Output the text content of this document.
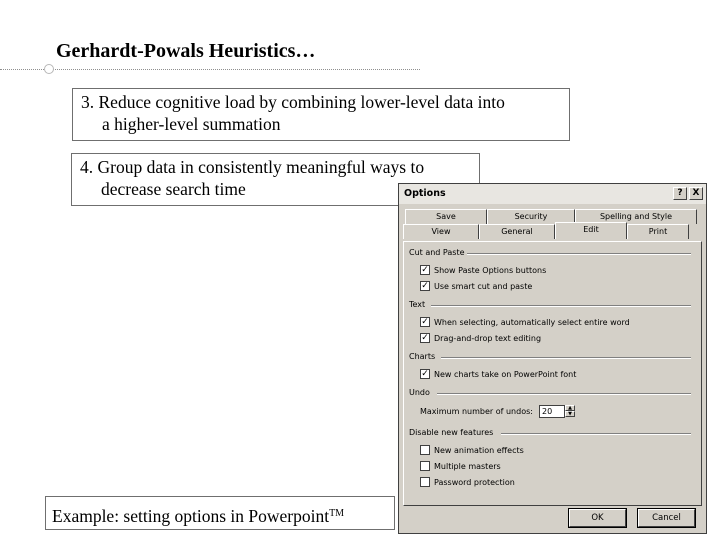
Gerhardt-Powals Heuristics…
3. Reduce cognitive load by combining lower-level data into
a higher-level summation
4. Group data in consistently meaningful ways to
decrease search time	Options	?	X
Save	Security	Spelling and Style
View	General	Edit	Print
Cut and Paste
✓ Show Paste Options buttons
✓ Use smart cut and paste
Text
✓ When selecting, automatically select entire word
✓ Drag-and-drop text editing
Charts
✓ New charts take on PowerPoint font
Undo
Maximum number of undos:	20	▲
▼
Disable new features
New animation effects
Multiple masters
Password protection
OK	Cancel
Example: setting options in Powerpoint™
